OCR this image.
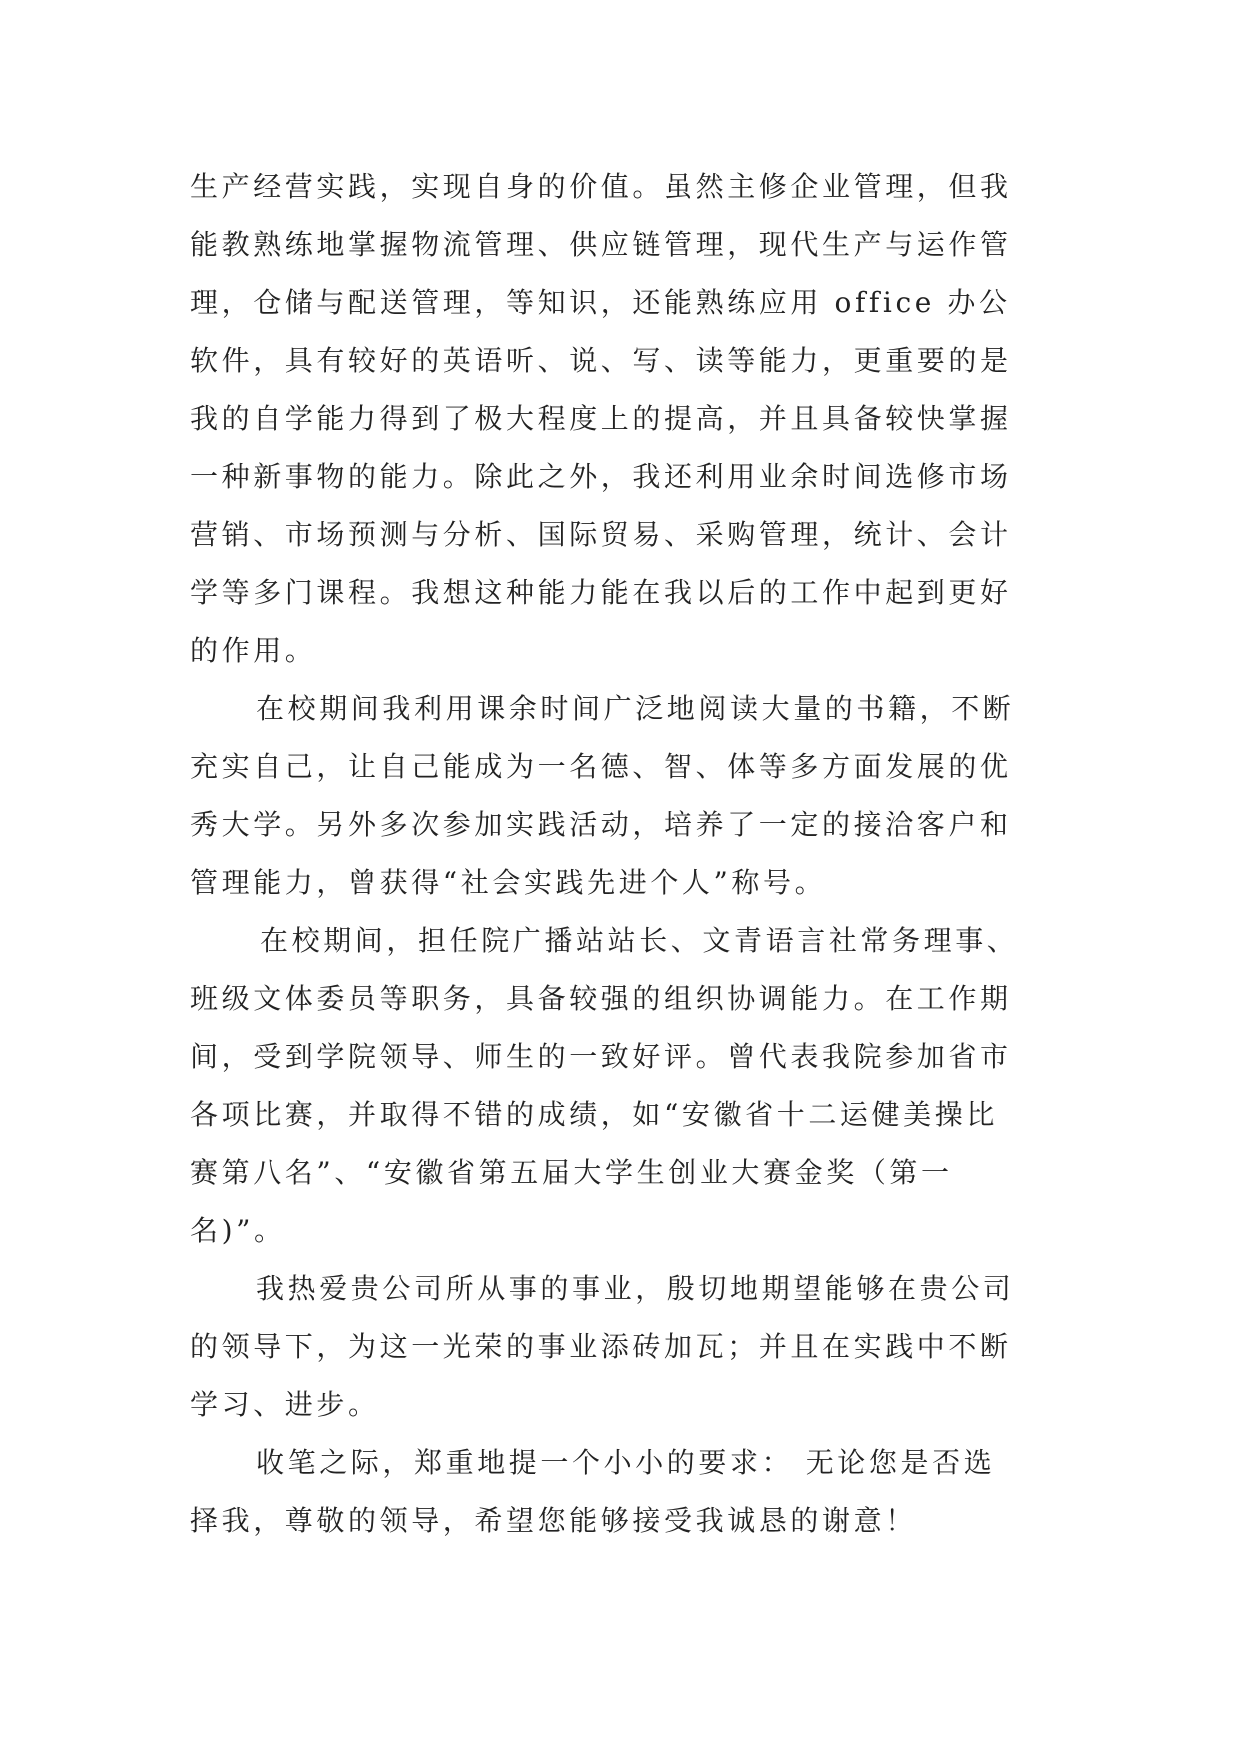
生产经营实践，实现自身的价值。虽然主修企业管理，但我
能教熟练地掌握物流管理、供应链管理，现代生产与运作管
理，仓储与配送管理，等知识，还能熟练应用 office 办公
软件，具有较好的英语听、说、写、读等能力，更重要的是
我的自学能力得到了极大程度上的提高，并且具备较快掌握
一种新事物的能力。除此之外，我还利用业余时间选修市场
营销、市场预测与分析、国际贸易、采购管理，统计、会计
学等多门课程。我想这种能力能在我以后的工作中起到更好
的作用。
在校期间我利用课余时间广泛地阅读大量的书籍，不断
充实自己，让自己能成为一名德、智、体等多方面发展的优
秀大学。另外多次参加实践活动，培养了一定的接洽客户和
管理能力，曾获得“社会实践先进个人”称号。
在校期间，担任院广播站站长、文青语言社常务理事、
班级文体委员等职务，具备较强的组织协调能力。在工作期
间，受到学院领导、师生的一致好评。曾代表我院参加省市
各项比赛，并取得不错的成绩，如“安徽省十二运健美操比
赛第八名”、“安徽省第五届大学生创业大赛金奖（第一
名)”。
我热爱贵公司所从事的事业，殷切地期望能够在贵公司
的领导下，为这一光荣的事业添砖加瓦；并且在实践中不断
学习、进步。
收笔之际，郑重地提一个小小的要求： 无论您是否选
择我，尊敬的领导，希望您能够接受我诚恳的谢意！
